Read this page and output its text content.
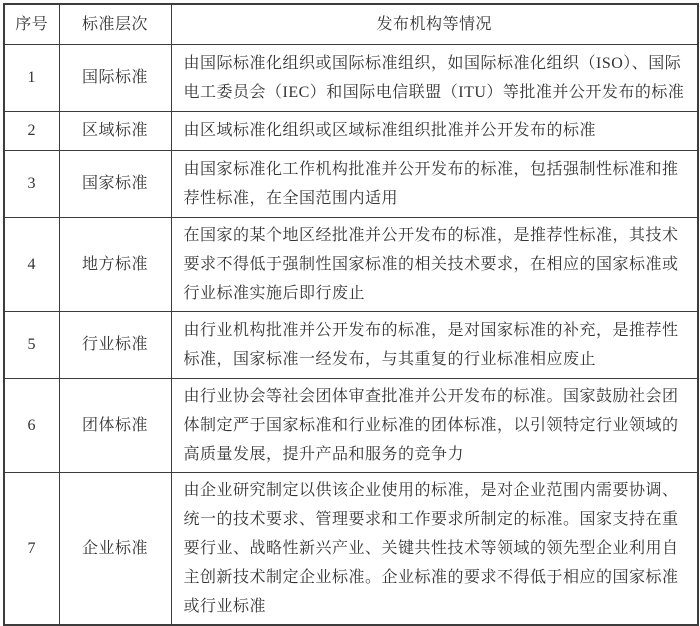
序号	标准层次	发布机构等情况
1	国际标准	由国际标准化组织或国际标准组织，如国际标准化组织（ISO）、国际电工委员会（IEC）和国际电信联盟（ITU）等批准并公开发布的标准
2	区域标准	由区域标准化组织或区域标准组织批准并公开发布的标准
3	国家标准	由国家标准化工作机构批准并公开发布的标准，包括强制性标准和推荐性标准，在全国范围内适用
4	地方标准	在国家的某个地区经批准并公开发布的标准，是推荐性标准，其技术要求不得低于强制性国家标准的相关技术要求，在相应的国家标准或行业标准实施后即行废止
5	行业标准	由行业机构批准并公开发布的标准，是对国家标准的补充，是推荐性标准，国家标准一经发布，与其重复的行业标准相应废止
6	团体标准	由行业协会等社会团体审查批准并公开发布的标准。国家鼓励社会团体制定严于国家标准和行业标准的团体标准，以引领特定行业领域的高质量发展，提升产品和服务的竞争力
7	企业标准	由企业研究制定以供该企业使用的标准，是对企业范围内需要协调、统一的技术要求、管理要求和工作要求所制定的标准。国家支持在重要行业、战略性新兴产业、关键共性技术等领域的领先型企业利用自主创新技术制定企业标准。企业标准的要求不得低于相应的国家标准或行业标准
